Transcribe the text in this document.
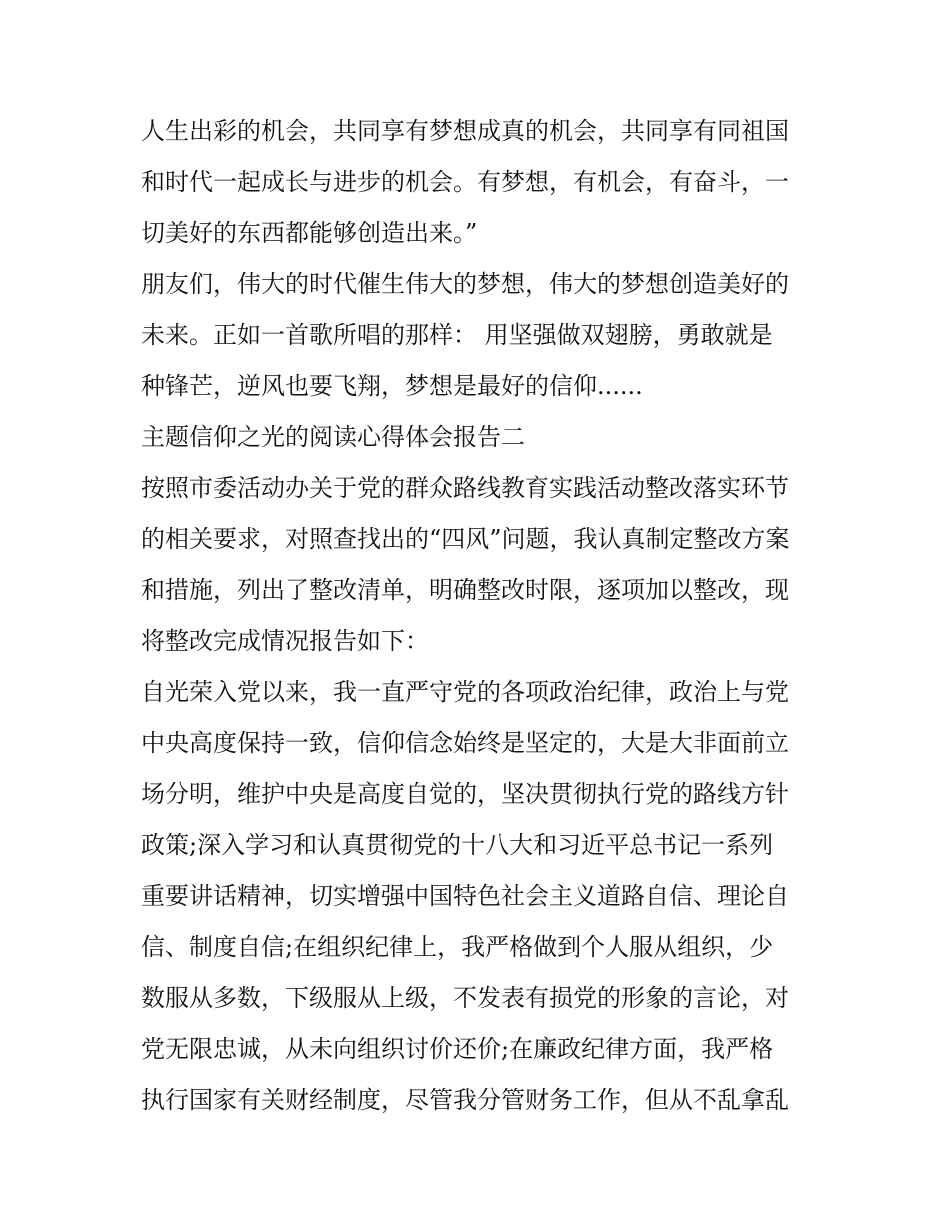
人生出彩的机会，共同享有梦想成真的机会，共同享有同祖国
和时代一起成长与进步的机会。有梦想，有机会，有奋斗，一
切美好的东西都能够创造出来。”
朋友们，伟大的时代催生伟大的梦想，伟大的梦想创造美好的
未来。正如一首歌所唱的那样： 用坚强做双翅膀，勇敢就是
种锋芒，逆风也要飞翔，梦想是最好的信仰......
主题信仰之光的阅读心得体会报告二
按照市委活动办关于党的群众路线教育实践活动整改落实环节
的相关要求，对照查找出的“四风”问题，我认真制定整改方案
和措施，列出了整改清单，明确整改时限，逐项加以整改，现
将整改完成情况报告如下：
自光荣入党以来，我一直严守党的各项政治纪律，政治上与党
中央高度保持一致，信仰信念始终是坚定的，大是大非面前立
场分明，维护中央是高度自觉的，坚决贯彻执行党的路线方针
政策;深入学习和认真贯彻党的十八大和习近平总书记一系列
重要讲话精神，切实增强中国特色社会主义道路自信、理论自
信、制度自信;在组织纪律上，我严格做到个人服从组织，少
数服从多数，下级服从上级，不发表有损党的形象的言论，对
党无限忠诚，从未向组织讨价还价;在廉政纪律方面，我严格
执行国家有关财经制度，尽管我分管财务工作，但从不乱拿乱
